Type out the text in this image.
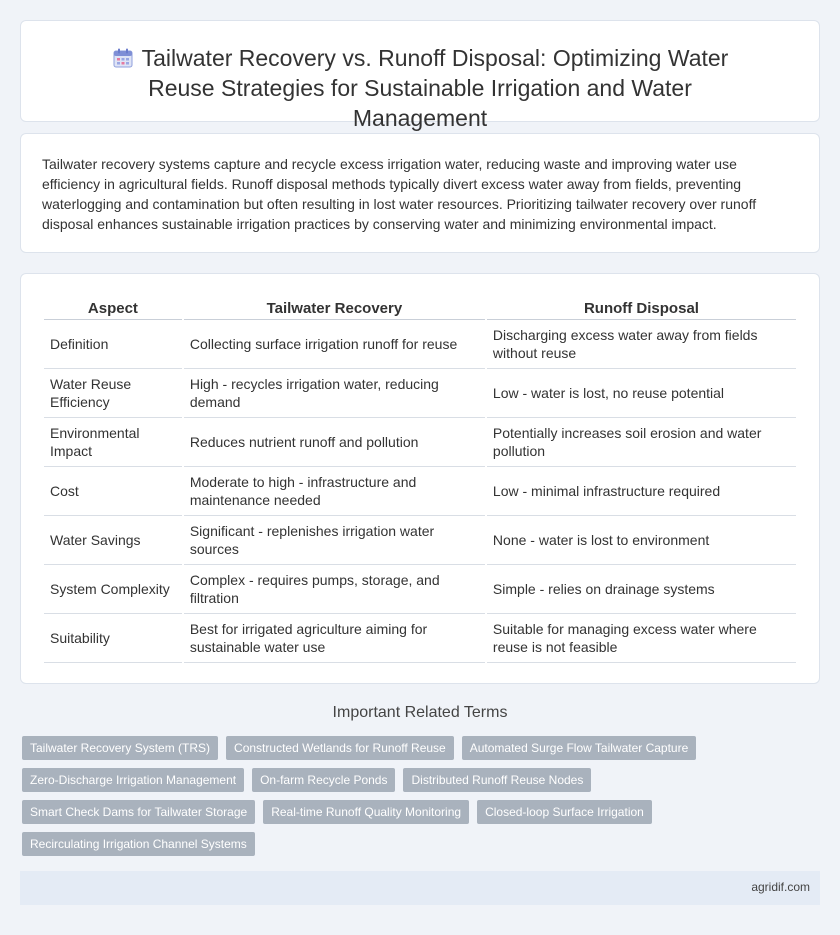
Tailwater Recovery vs. Runoff Disposal: Optimizing Water Reuse Strategies for Sustainable Irrigation and Water Management

Tailwater recovery systems capture and recycle excess irrigation water, reducing waste and improving water use efficiency in agricultural fields. Runoff disposal methods typically divert excess water away from fields, preventing waterlogging and contamination but often resulting in lost water resources. Prioritizing tailwater recovery over runoff disposal enhances sustainable irrigation practices by conserving water and minimizing environmental impact.

Aspect	Tailwater Recovery	Runoff Disposal
Definition	Collecting surface irrigation runoff for reuse	Discharging excess water away from fields without reuse
Water Reuse Efficiency	High - recycles irrigation water, reducing demand	Low - water is lost, no reuse potential
Environmental Impact	Reduces nutrient runoff and pollution	Potentially increases soil erosion and water pollution
Cost	Moderate to high - infrastructure and maintenance needed	Low - minimal infrastructure required
Water Savings	Significant - replenishes irrigation water sources	None - water is lost to environment
System Complexity	Complex - requires pumps, storage, and filtration	Simple - relies on drainage systems
Suitability	Best for irrigated agriculture aiming for sustainable water use	Suitable for managing excess water where reuse is not feasible
Important Related Terms
Tailwater Recovery System (TRS)	Constructed Wetlands for Runoff Reuse	Automated Surge Flow Tailwater Capture
Zero-Discharge Irrigation Management	On-farm Recycle Ponds	Distributed Runoff Reuse Nodes
Smart Check Dams for Tailwater Storage	Real-time Runoff Quality Monitoring	Closed-loop Surface Irrigation
Recirculating Irrigation Channel Systems
agridif.com
